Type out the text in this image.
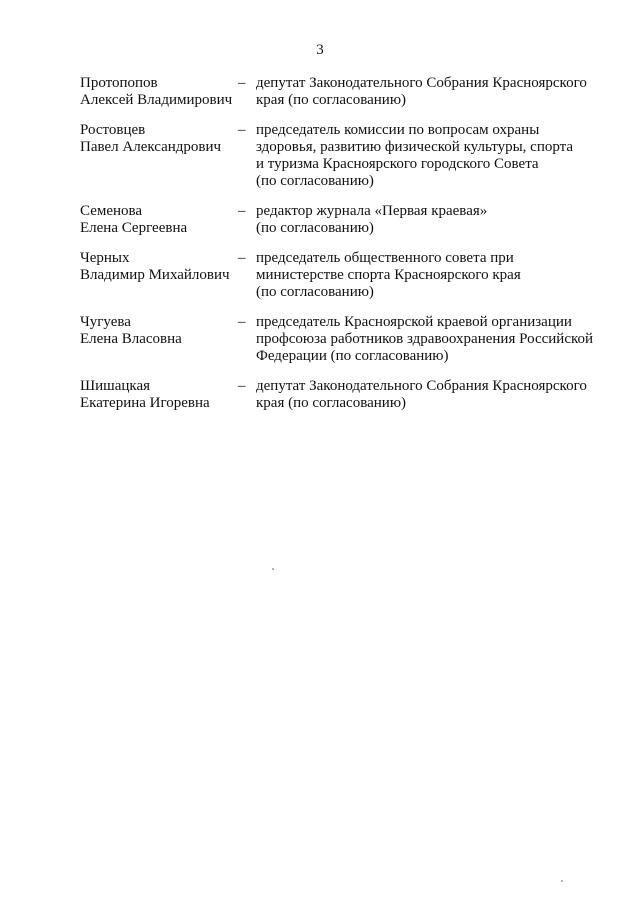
3
Протопопов
Алексей Владимирович
– депутат Законодательного Собрания Красноярского
края (по согласованию)
Ростовцев
Павел Александрович
– председатель комиссии по вопросам охраны
здоровья, развитию физической культуры, спорта
и туризма Красноярского городского Совета
(по согласованию)
Семенова
Елена Сергеевна
– редактор журнала «Первая краевая»
(по согласованию)
Черных
Владимир Михайлович
– председатель общественного совета при
министерстве спорта Красноярского края
(по согласованию)
Чугуева
Елена Власовна
– председатель Красноярской краевой организации
профсоюза работников здравоохранения Российской
Федерации (по согласованию)
Шишацкая
Екатерина Игоревна
– депутат Законодательного Собрания Красноярского
края (по согласованию)
